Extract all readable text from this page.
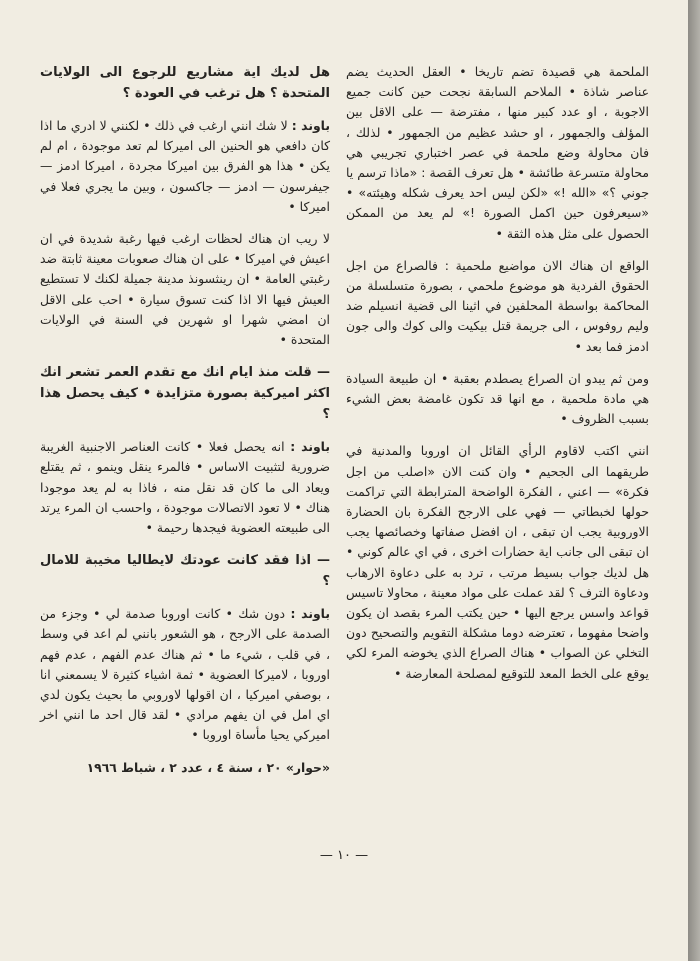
الملحمة هي قصيدة تضم تاريخا • العقل الحديث يضم عناصر شاذة • الملاحم السابقة نجحت حين كانت جميع الاجوبة ، او عدد كبير منها ، مفترضة — على الاقل بين المؤلف والجمهور ، او حشد عظيم من الجمهور • لذلك ، فان محاولة وضع ملحمة في عصر اختباري تجريبي هي محاولة متسرعة طائشة • هل تعرف القصة : «ماذا ترسم يا جوني ؟» «الله !» «لكن ليس احد يعرف شكله وهيئته» • «سيعرفون حين اكمل الصورة !» لم يعد من الممكن الحصول على مثل هذه الثقة •

الواقع ان هناك الان مواضيع ملحمية : فالصراع من اجل الحقوق الفردية هو موضوع ملحمي ، بصورة متسلسلة من المحاكمة بواسطة المحلفين في اثينا الى قضية انسيلم ضد وليم روفوس ، الى جريمة قتل بيكيت والى كوك والى جون ادمز فما بعد •

ومن ثم يبدو ان الصراع يصطدم بعقبة • ان طبيعة السيادة هي مادة ملحمية ، مع انها قد تكون غامضة بعض الشيء بسبب الظروف •

انني اكتب لاقاوم الرأي القائل ان اوروبا والمدنية في طريقهما الى الجحيم • وان كنت الان «اصلب من اجل فكرة» — اعني ، الفكرة الواضحة المترابطة التي تراكمت حولها لخبطاتي — فهي على الارجح الفكرة بان الحضارة الاوروبية يجب ان تبقى ، ان افضل صفاتها وخصائصها يجب ان تبقى الى جانب اية حضارات اخرى ، في اي عالم كوني • هل لديك جواب بسيط مرتب ، ترد به على دعاوة الارهاب ودعاوة الترف ؟ لقد عملت على مواد معينة ، محاولا تاسيس قواعد واسس يرجع اليها • حين يكتب المرء بقصد ان يكون واضحا مفهوما ، تعترضه دوما مشكلة التقويم والتصحيح دون التخلي عن الصواب • هناك الصراع الذي يخوضه المرء لكي يوقع على الخط المعد للتوقيع لمصلحة المعارضة •

هل لديك اية مشاريع للرجوع الى الولايات المتحدة ؟ هل ترغب في العودة ؟

باوند : لا شك انني ارغب في ذلك • لكنني لا ادري ما اذا كان دافعي هو الحنين الى اميركا لم تعد موجودة ، ام لم يكن • هذا هو الفرق بين اميركا مجردة ، اميركا ادمز — جيفرسون — ادمز — جاكسون ، وبين ما يجري فعلا في اميركا •

لا ريب ان هناك لحظات ارغب فيها رغبة شديدة في ان اعيش في اميركا • على ان هناك صعوبات معينة ثابتة ضد رغبتي العامة • ان رينثسونذ مدينة جميلة لكنك لا تستطيع العيش فيها الا اذا كنت تسوق سيارة • احب على الاقل ان امضي شهرا او شهرين في السنة في الولايات المتحدة •

— قلت منذ ايام انك مع تقدم العمر تشعر انك اكثر اميركية بصورة متزايدة • كيف يحصل هذا ؟

باوند : انه يحصل فعلا • كانت العناصر الاجنبية الغريبة ضرورية لتثبيت الاساس • فالمرء ينقل وينمو ، ثم يقتلع ويعاد الى ما كان قد نقل منه ، فاذا به لم يعد موجودا هناك • لا تعود الاتصالات موجودة ، واحسب ان المرء يرتد الى طبيعته العضوية فيجدها رحيمة •

— اذا فقد كانت عودتك لايطاليا مخيبة للامال ؟

باوند : دون شك • كانت اوروبا صدمة لي • وجزء من الصدمة على الارجح ، هو الشعور بانني لم اعد في وسط ، في قلب ، شيء ما • ثم هناك عدم الفهم ، عدم فهم اوروبا ، لاميركا العضوية • ثمة اشياء كثيرة لا يسمعني انا ، بوصفي اميركيا ، ان اقولها لاوروبي ما بحيث يكون لدي اي امل في ان يفهم مرادي • لقد قال احد ما انني اخر اميركي يحيا مأساة اوروبا •

«حوار» ٢٠ ، سنة ٤ ، عدد ٢ ، شباط ١٩٦٦

— ١٠ —
